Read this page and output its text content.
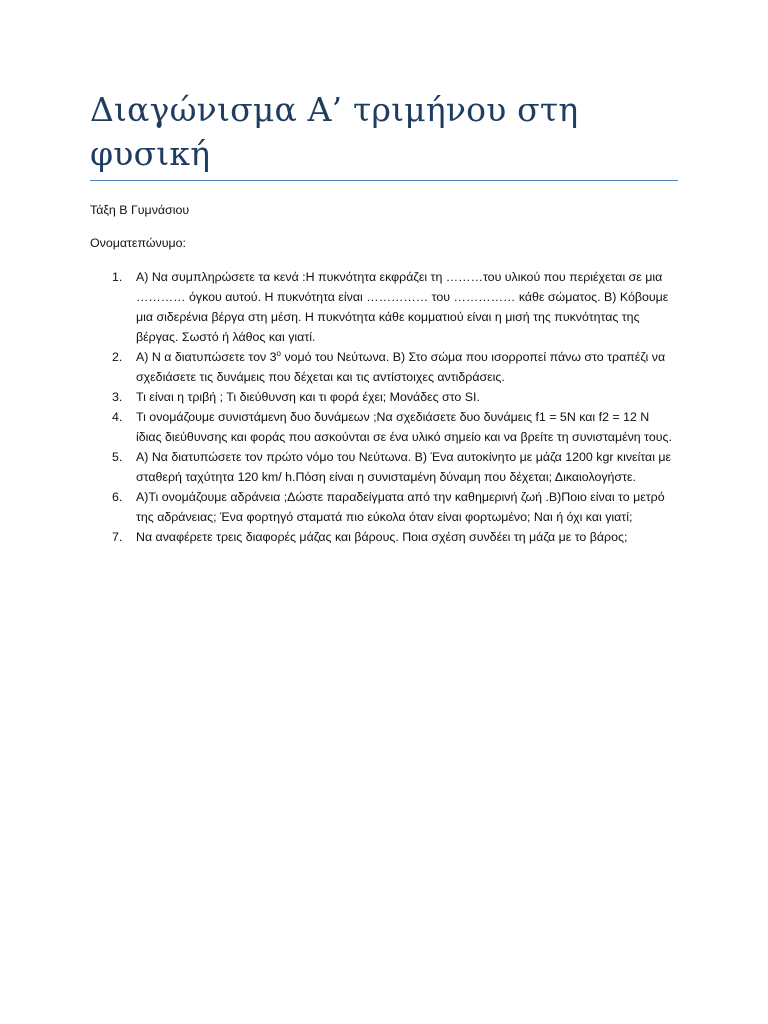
Διαγώνισμα Α’ τριμήνου στη φυσική

Τάξη Β Γυμνάσιου

Ονοματεπώνυμο:

1. Α) Να συμπληρώσετε τα κενά :Η πυκνότητα εκφράζει τη ………του υλικού που περιέχεται σε μια ………… όγκου αυτού. Η πυκνότητα είναι …………… του …………… κάθε σώματος. Β) Κόβουμε μια σιδερένια βέργα στη μέση. Η πυκνότητα κάθε κομματιού είναι η μισή της πυκνότητας της βέργας. Σωστό ή λάθος και γιατί.
2. Α) Ν α διατυπώσετε τον $3^o$ νομό του Νεύτωνα. Β) Στο σώμα που ισορροπεί πάνω στο τραπέζι να σχεδιάσετε τις δυνάμεις που δέχεται και τις αντίστοιχες αντιδράσεις.
3. Τι είναι η τριβή ; Τι διεύθυνση και τι φορά έχει; Μονάδες στο SI.
4. Τι ονομάζουμε συνιστάμενη δυο δυνάμεων ;Να σχεδιάσετε δυο δυνάμεις f1 = 5N και f2 = 12 N ίδιας διεύθυνσης και φοράς που ασκούνται σε ένα υλικό σημείο και να βρείτε τη συνισταμένη τους.
5. Α) Να διατυπώσετε τον πρώτο νόμο του Νεύτωνα. Β) Ένα αυτοκίνητο με μάζα 1200 kgr κινείται με σταθερή ταχύτητα 120 km/ h.Πόση είναι η συνισταμένη δύναμη που δέχεται; Δικαιολογήστε.
6. Α)Τι ονομάζουμε αδράνεια ;Δώστε παραδείγματα από την καθημερινή ζωή .Β)Ποιο είναι το μετρό της αδράνειας; Ένα φορτηγό σταματά πιο εύκολα όταν είναι φορτωμένο; Ναι ή όχι και γιατί;
7. Να αναφέρετε τρεις διαφορές μάζας και βάρους. Ποια σχέση συνδέει τη μάζα με το βάρος;
